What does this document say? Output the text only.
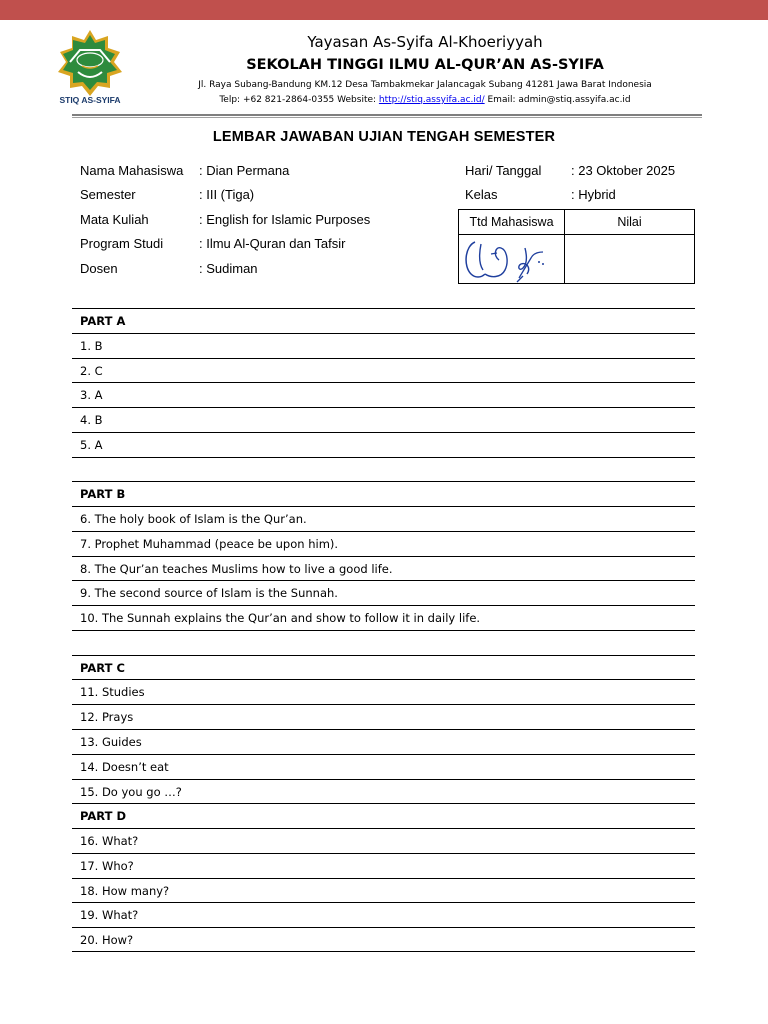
STIQ AS-SYIFA
Yayasan As-Syifa Al-Khoeriyyah
SEKOLAH TINGGI ILMU AL-QUR’AN AS-SYIFA
Jl. Raya Subang-Bandung KM.12 Desa Tambakmekar Jalancagak Subang 41281 Jawa Barat Indonesia
Telp: +62 821-2864-0355 Website: http://stiq.assyifa.ac.id/ Email: admin@stiq.assyifa.ac.id
LEMBAR JAWABAN UJIAN TENGAH SEMESTER
Nama Mahasiswa : Dian Permana
Semester	: III (Tiga)
Mata Kuliah	: English for Islamic Purposes
Program Studi	: Ilmu Al-Quran dan Tafsir
Dosen	: Sudiman
Hari/ Tanggal : 23 Oktober 2025
Kelas	: Hybrid
Ttd Mahasiswa	Nilai
PART A
1. B
2. C
3. A
4. B
5. A
PART B
6. The holy book of Islam is the Qur’an.
7. Prophet Muhammad (peace be upon him).
8. The Qur’an teaches Muslims how to live a good life.
9. The second source of Islam is the Sunnah.
10. The Sunnah explains the Qur’an and show to follow it in daily life.
PART C
11. Studies
12. Prays
13. Guides
14. Doesn’t eat
15. Do you go …?
PART D
16. What?
17. Who?
18. How many?
19. What?
20. How?
